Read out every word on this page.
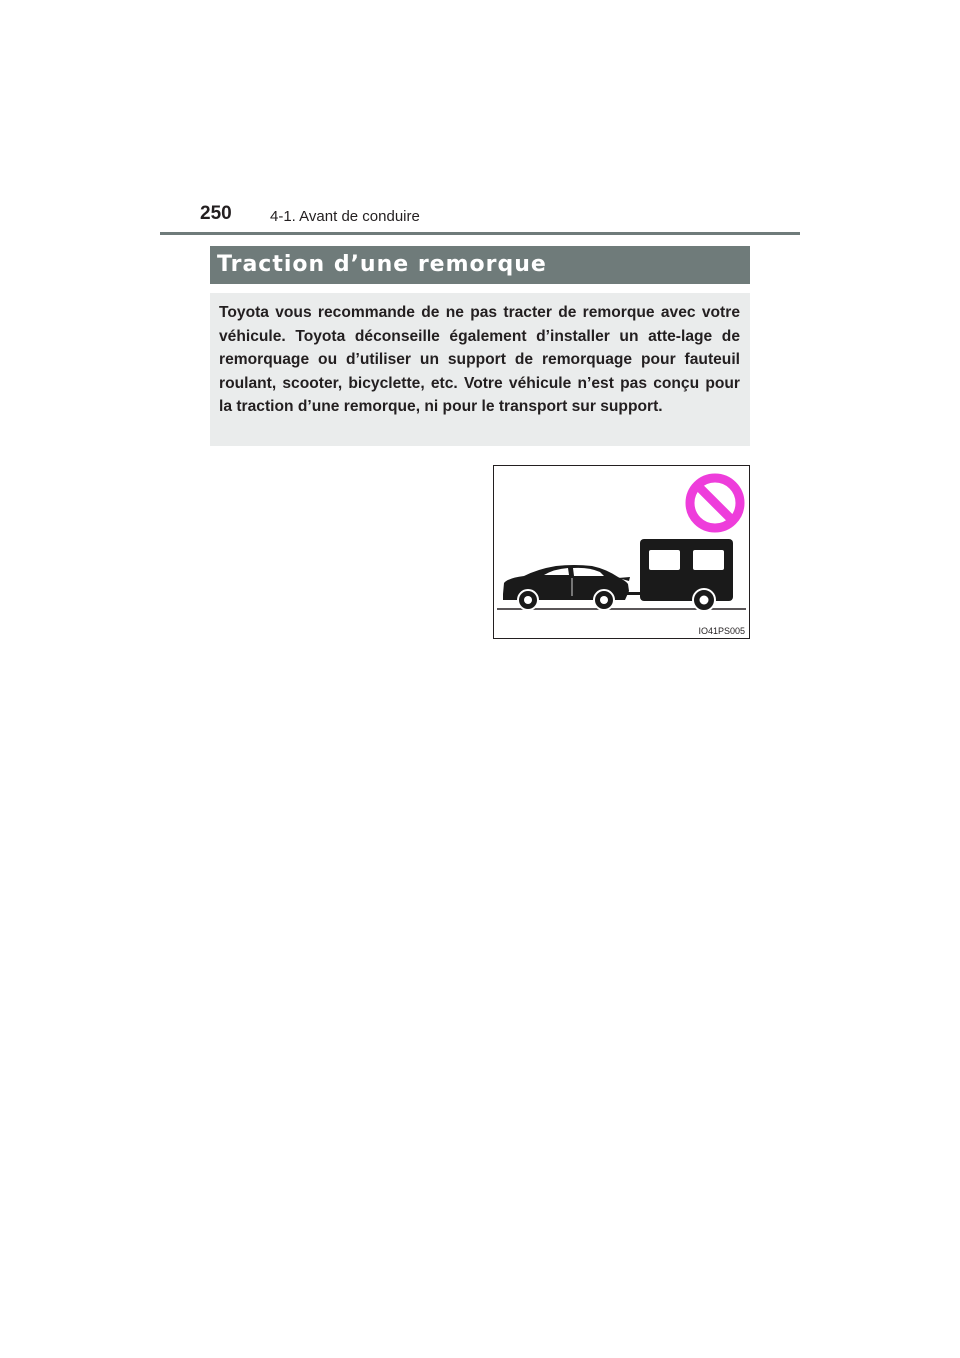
250	4-1. Avant de conduire
Traction d’une remorque

Toyota vous recommande de ne pas tracter de remorque avec votre véhicule. Toyota déconseille également d’installer un atte-lage de remorquage ou d’utiliser un support de remorquage pour fauteuil roulant, scooter, bicyclette, etc. Votre véhicule n’est pas conçu pour la traction d’une remorque, ni pour le transport sur support.

IO41PS005
